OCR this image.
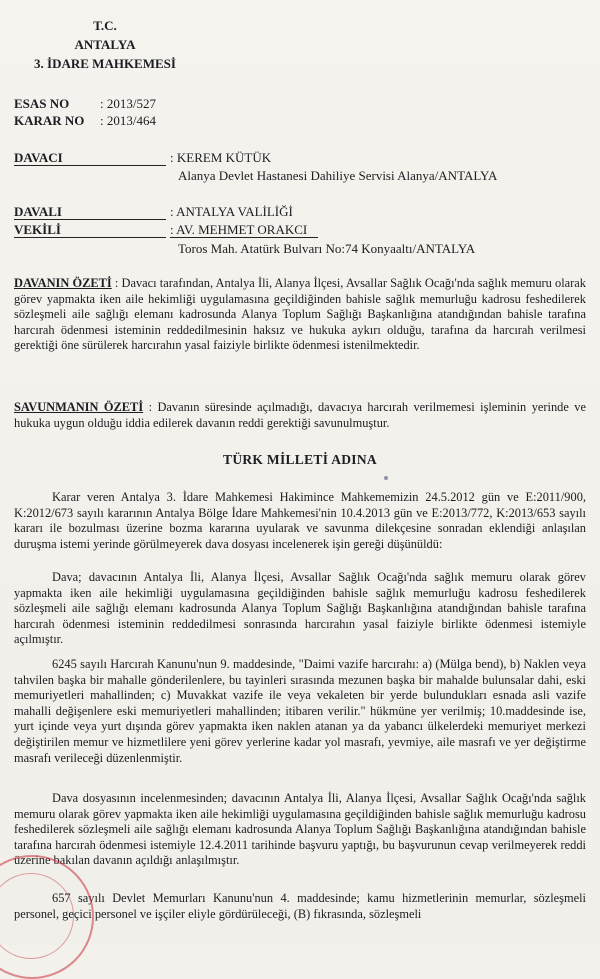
T.C.
ANTALYA
3. İDARE MAHKEMESİ
ESAS NO : 2013/527
KARAR NO : 2013/464
DAVACI	: KEREM KÜTÜK
Alanya Devlet Hastanesi Dahiliye Servisi Alanya/ANTALYA
DAVALI	: ANTALYA VALİLİĞİ
VEKİLİ	: AV. MEHMET ORAKCI
Toros Mah. Atatürk Bulvarı No:74 Konyaaltı/ANTALYA
DAVANIN ÖZETİ : Davacı tarafından, Antalya İli, Alanya İlçesi, Avsallar Sağlık Ocağı'nda sağlık memuru olarak görev yapmakta iken aile hekimliği uygulamasına geçildiğinden bahisle sağlık memurluğu kadrosu feshedilerek sözleşmeli aile sağlığı elemanı kadrosunda Alanya Toplum Sağlığı Başkanlığına atandığından bahisle tarafına harcırah ödenmesi isteminin reddedilmesinin haksız ve hukuka aykırı olduğu, tarafına da harcırah verilmesi gerektiği öne sürülerek harcırahın yasal faiziyle birlikte ödenmesi istenilmektedir.
SAVUNMANIN ÖZETİ : Davanın süresinde açılmadığı, davacıya harcırah verilmemesi işleminin yerinde ve hukuka uygun olduğu iddia edilerek davanın reddi gerektiği savunulmuştur.
TÜRK MİLLETİ ADINA
Karar veren Antalya 3. İdare Mahkemesi Hakimince Mahkememizin 24.5.2012 gün ve E:2011/900, K:2012/673 sayılı kararının Antalya Bölge İdare Mahkemesi'nin 10.4.2013 gün ve E:2013/772, K:2013/653 sayılı kararı ile bozulması üzerine bozma kararına uyularak ve savunma dilekçesine sonradan eklendiği anlaşılan duruşma istemi yerinde görülmeyerek dava dosyası incelenerek işin gereği düşünüldü:
Dava; davacının Antalya İli, Alanya İlçesi, Avsallar Sağlık Ocağı'nda sağlık memuru olarak görev yapmakta iken aile hekimliği uygulamasına geçildiğinden bahisle sağlık memurluğu kadrosu feshedilerek sözleşmeli aile sağlığı elemanı kadrosunda Alanya Toplum Sağlığı Başkanlığına atandığından bahisle tarafına harcırah ödenmesi isteminin reddedilmesi sonrasında harcırahın yasal faiziyle birlikte ödenmesi istemiyle açılmıştır.
6245 sayılı Harcırah Kanunu'nun 9. maddesinde, "Daimi vazife harcırahı: a) (Mülga bend), b) Naklen veya tahvilen başka bir mahalle gönderilenlere, bu tayinleri sırasında mezunen başka bir mahalde bulunsalar dahi, eski memuriyetleri mahallinden; c) Muvakkat vazife ile veya vekaleten bir yerde bulundukları esnada asli vazife mahalli değişenlere eski memuriyetleri mahallinden; itibaren verilir." hükmüne yer verilmiş; 10.maddesinde ise, yurt içinde veya yurt dışında görev yapmakta iken naklen atanan ya da yabancı ülkelerdeki memuriyet merkezi değiştirilen memur ve hizmetlilere yeni görev yerlerine kadar yol masrafı, yevmiye, aile masrafı ve yer değiştirme masrafı verileceği düzenlenmiştir.
Dava dosyasının incelenmesinden; davacının Antalya İli, Alanya İlçesi, Avsallar Sağlık Ocağı'nda sağlık memuru olarak görev yapmakta iken aile hekimliği uygulamasına geçildiğinden bahisle sağlık memurluğu kadrosu feshedilerek sözleşmeli aile sağlığı elemanı kadrosunda Alanya Toplum Sağlığı Başkanlığına atandığından bahisle tarafına harcırah ödenmesi istemiyle 12.4.2011 tarihinde başvuru yaptığı, bu başvurunun cevap verilmeyerek reddi üzerine bakılan davanın açıldığı anlaşılmıştır.
657 sayılı Devlet Memurları Kanunu'nun 4. maddesinde; kamu hizmetlerinin memurlar, sözleşmeli personel, geçici personel ve işçiler eliyle gördürüleceği, (B) fıkrasında, sözleşmeli
